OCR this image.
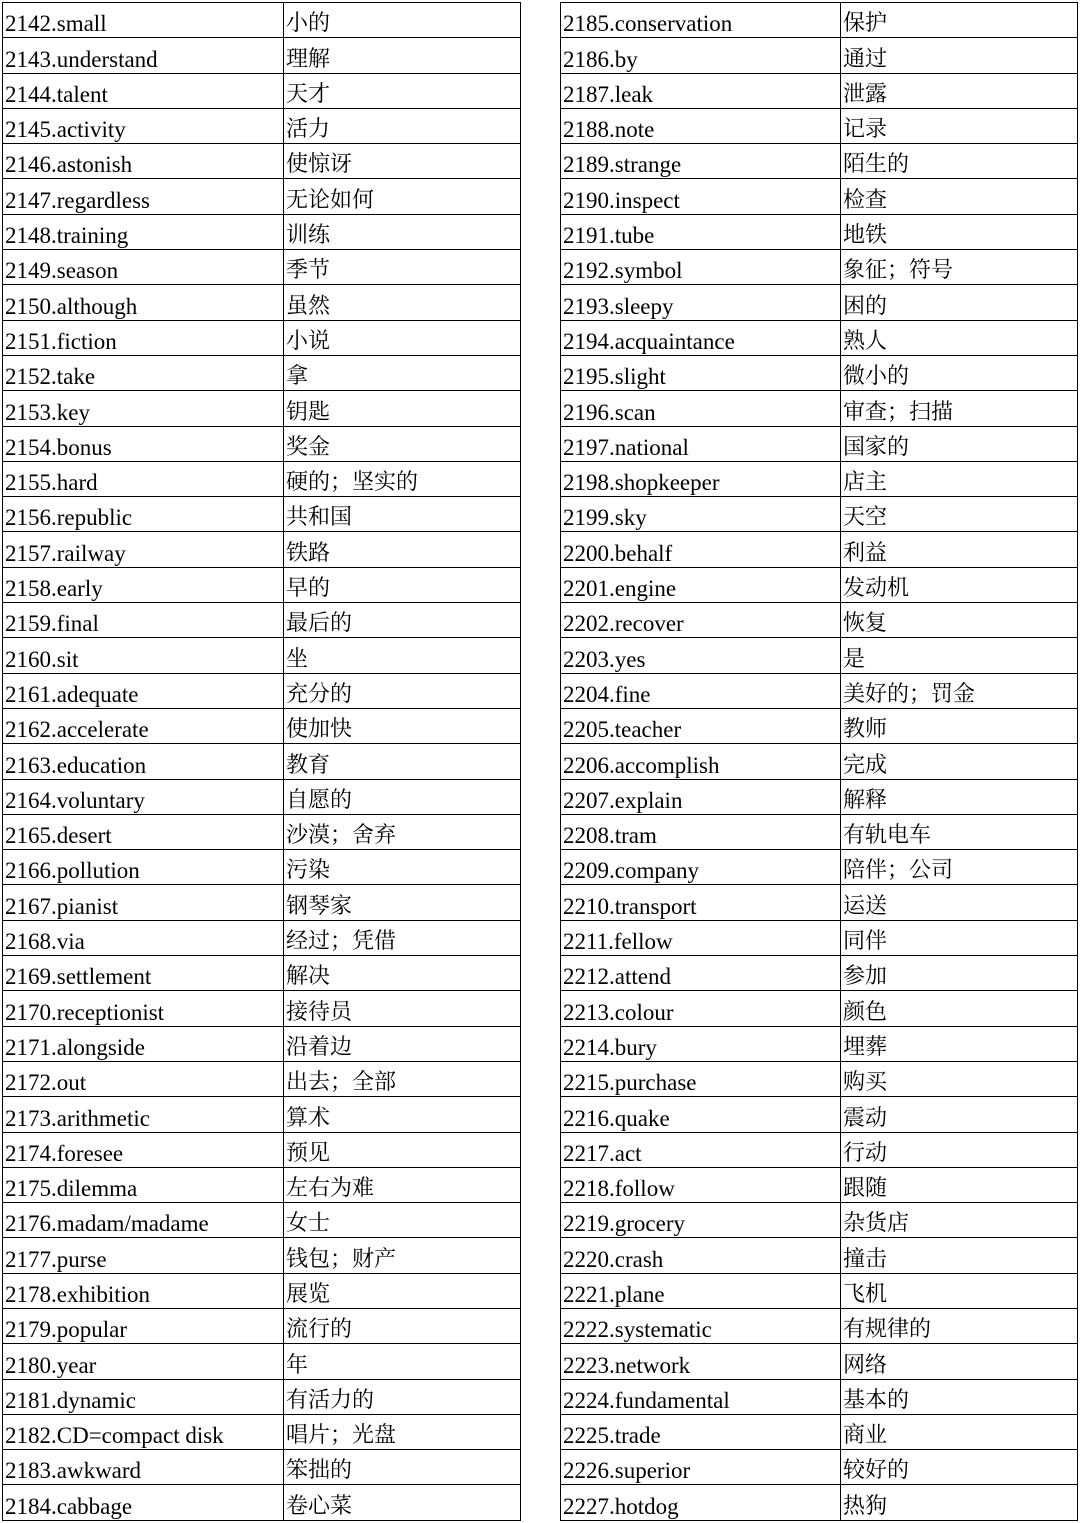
2142.small	小的
2143.understand	理解
2144.talent	天才
2145.activity	活力
2146.astonish	使惊讶
2147.regardless	无论如何
2148.training	训练
2149.season	季节
2150.although	虽然
2151.fiction	小说
2152.take	拿
2153.key	钥匙
2154.bonus	奖金
2155.hard	硬的；坚实的
2156.republic	共和国
2157.railway	铁路
2158.early	早的
2159.final	最后的
2160.sit	坐
2161.adequate	充分的
2162.accelerate	使加快
2163.education	教育
2164.voluntary	自愿的
2165.desert	沙漠；舍弃
2166.pollution	污染
2167.pianist	钢琴家
2168.via	经过；凭借
2169.settlement	解决
2170.receptionist	接待员
2171.alongside	沿着边
2172.out	出去；全部
2173.arithmetic	算术
2174.foresee	预见
2175.dilemma	左右为难
2176.madam/madame	女士
2177.purse	钱包；财产
2178.exhibition	展览
2179.popular	流行的
2180.year	年
2181.dynamic	有活力的
2182.CD=compact disk	唱片；光盘
2183.awkward	笨拙的
2184.cabbage	卷心菜
2185.conservation	保护
2186.by	通过
2187.leak	泄露
2188.note	记录
2189.strange	陌生的
2190.inspect	检查
2191.tube	地铁
2192.symbol	象征；符号
2193.sleepy	困的
2194.acquaintance	熟人
2195.slight	微小的
2196.scan	审查；扫描
2197.national	国家的
2198.shopkeeper	店主
2199.sky	天空
2200.behalf	利益
2201.engine	发动机
2202.recover	恢复
2203.yes	是
2204.fine	美好的；罚金
2205.teacher	教师
2206.accomplish	完成
2207.explain	解释
2208.tram	有轨电车
2209.company	陪伴；公司
2210.transport	运送
2211.fellow	同伴
2212.attend	参加
2213.colour	颜色
2214.bury	埋葬
2215.purchase	购买
2216.quake	震动
2217.act	行动
2218.follow	跟随
2219.grocery	杂货店
2220.crash	撞击
2221.plane	飞机
2222.systematic	有规律的
2223.network	网络
2224.fundamental	基本的
2225.trade	商业
2226.superior	较好的
2227.hotdog	热狗
